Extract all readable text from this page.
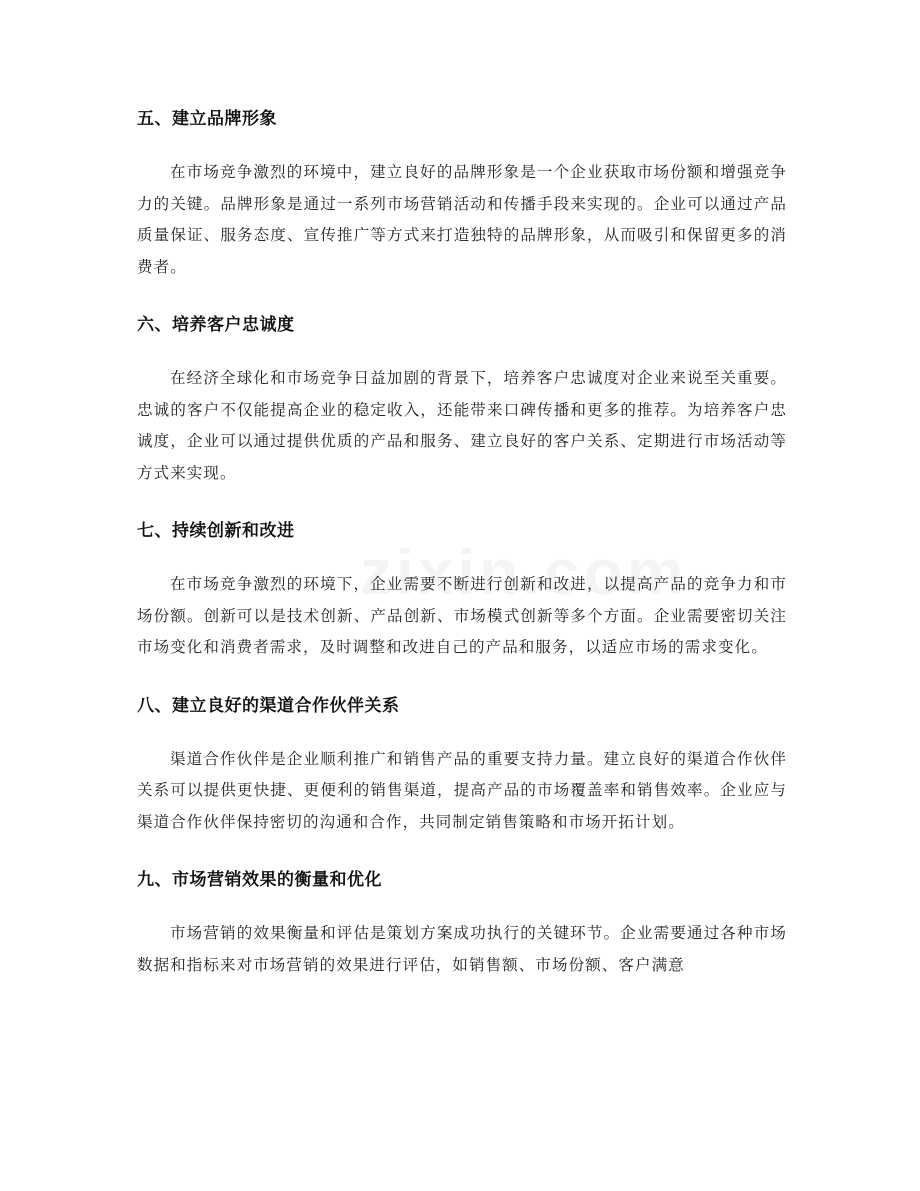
五、建立品牌形象

在市场竞争激烈的环境中，建立良好的品牌形象是一个企业获取市场份额和增强竞争力的关键。品牌形象是通过一系列市场营销活动和传播手段来实现的。企业可以通过产品质量保证、服务态度、宣传推广等方式来打造独特的品牌形象，从而吸引和保留更多的消费者。

六、培养客户忠诚度

在经济全球化和市场竞争日益加剧的背景下，培养客户忠诚度对企业来说至关重要。忠诚的客户不仅能提高企业的稳定收入，还能带来口碑传播和更多的推荐。为培养客户忠诚度，企业可以通过提供优质的产品和服务、建立良好的客户关系、定期进行市场活动等方式来实现。

七、持续创新和改进

在市场竞争激烈的环境下，企业需要不断进行创新和改进，以提高产品的竞争力和市场份额。创新可以是技术创新、产品创新、市场模式创新等多个方面。企业需要密切关注市场变化和消费者需求，及时调整和改进自己的产品和服务，以适应市场的需求变化。

八、建立良好的渠道合作伙伴关系

渠道合作伙伴是企业顺利推广和销售产品的重要支持力量。建立良好的渠道合作伙伴关系可以提供更快捷、更便利的销售渠道，提高产品的市场覆盖率和销售效率。企业应与渠道合作伙伴保持密切的沟通和合作，共同制定销售策略和市场开拓计划。

九、市场营销效果的衡量和优化

市场营销的效果衡量和评估是策划方案成功执行的关键环节。企业需要通过各种市场数据和指标来对市场营销的效果进行评估，如销售额、市场份额、客户满意
